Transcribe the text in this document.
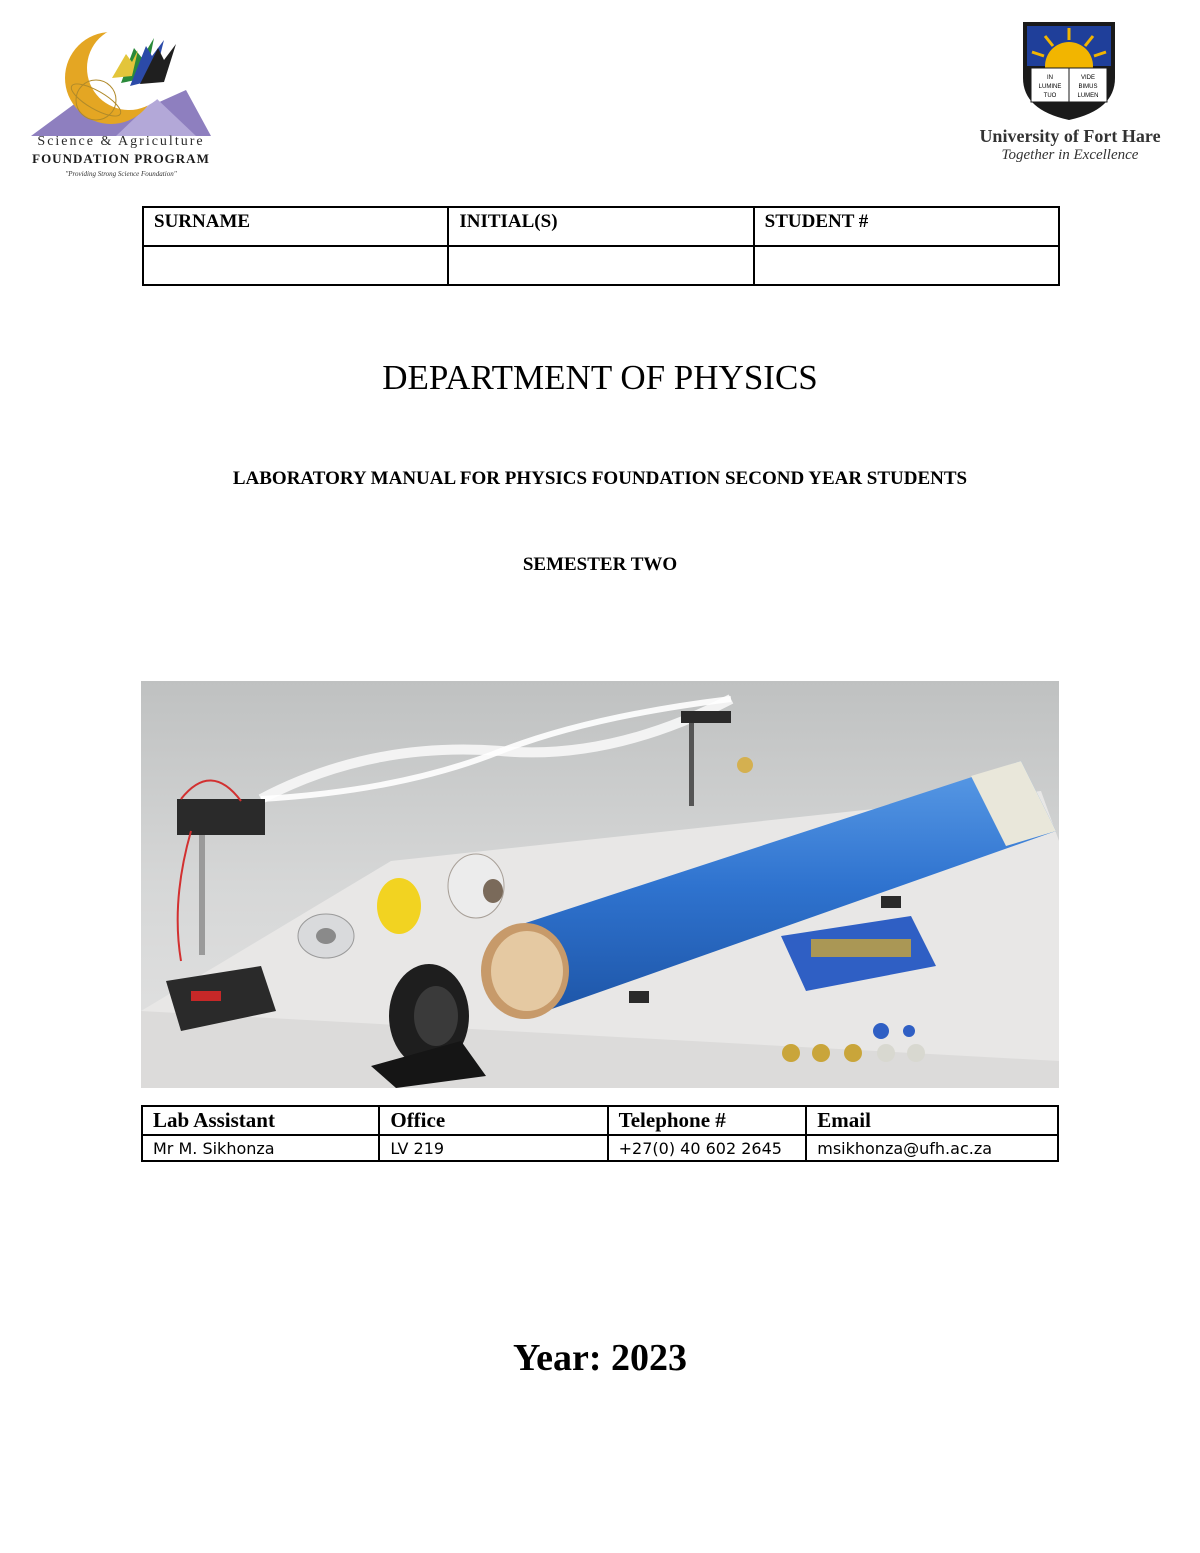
Science & Agriculture
FOUNDATION PROGRAM
"Providing Strong Science Foundation"
IN	VIDE
LUMINE	BIMUS
TUO	LUMEN
University of Fort Hare
Together in Excellence
SURNAME	INITIAL(S)	STUDENT #

DEPARTMENT OF PHYSICS
LABORATORY MANUAL FOR PHYSICS FOUNDATION SECOND YEAR STUDENTS
SEMESTER TWO
Lab Assistant	Office	Telephone #	Email
Mr M. Sikhonza	LV 219	+27(0) 40 602 2645	msikhonza@ufh.ac.za
Year: 2023
